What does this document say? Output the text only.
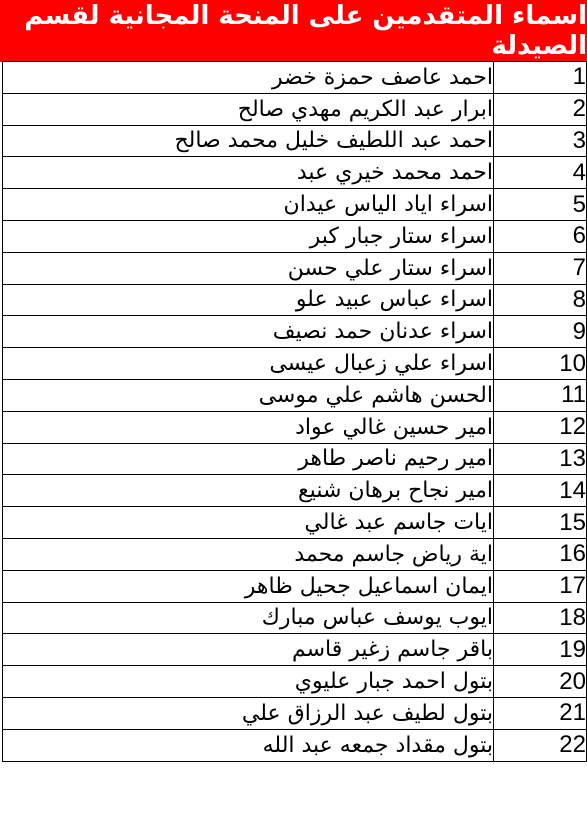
اسماء المتقدمين على المنحة المجانية لقسم الصيدلة
احمد عاصف حمزة خضر	1
ابرار عبد الكريم مهدي صالح	2
احمد عبد اللطيف خليل محمد صالح	3
احمد محمد خيري عبد	4
اسراء اياد الياس عيدان	5
اسراء ستار جبار كبر	6
اسراء ستار علي حسن	7
اسراء عباس عبيد علو	8
اسراء عدنان حمد نصيف	9
اسراء علي زعبال عيسى	10
الحسن هاشم علي موسى	11
امير حسين غالي عواد	12
امير رحيم ناصر طاهر	13
امير نجاح برهان شنيع	14
ايات جاسم عبد غالي	15
اية رياض جاسم محمد	16
ايمان اسماعيل جحيل ظاهر	17
ايوب يوسف عباس مبارك	18
باقر جاسم زغير قاسم	19
بتول احمد جبار عليوي	20
بتول لطيف عبد الرزاق علي	21
بتول مقداد جمعه عبد الله	22
